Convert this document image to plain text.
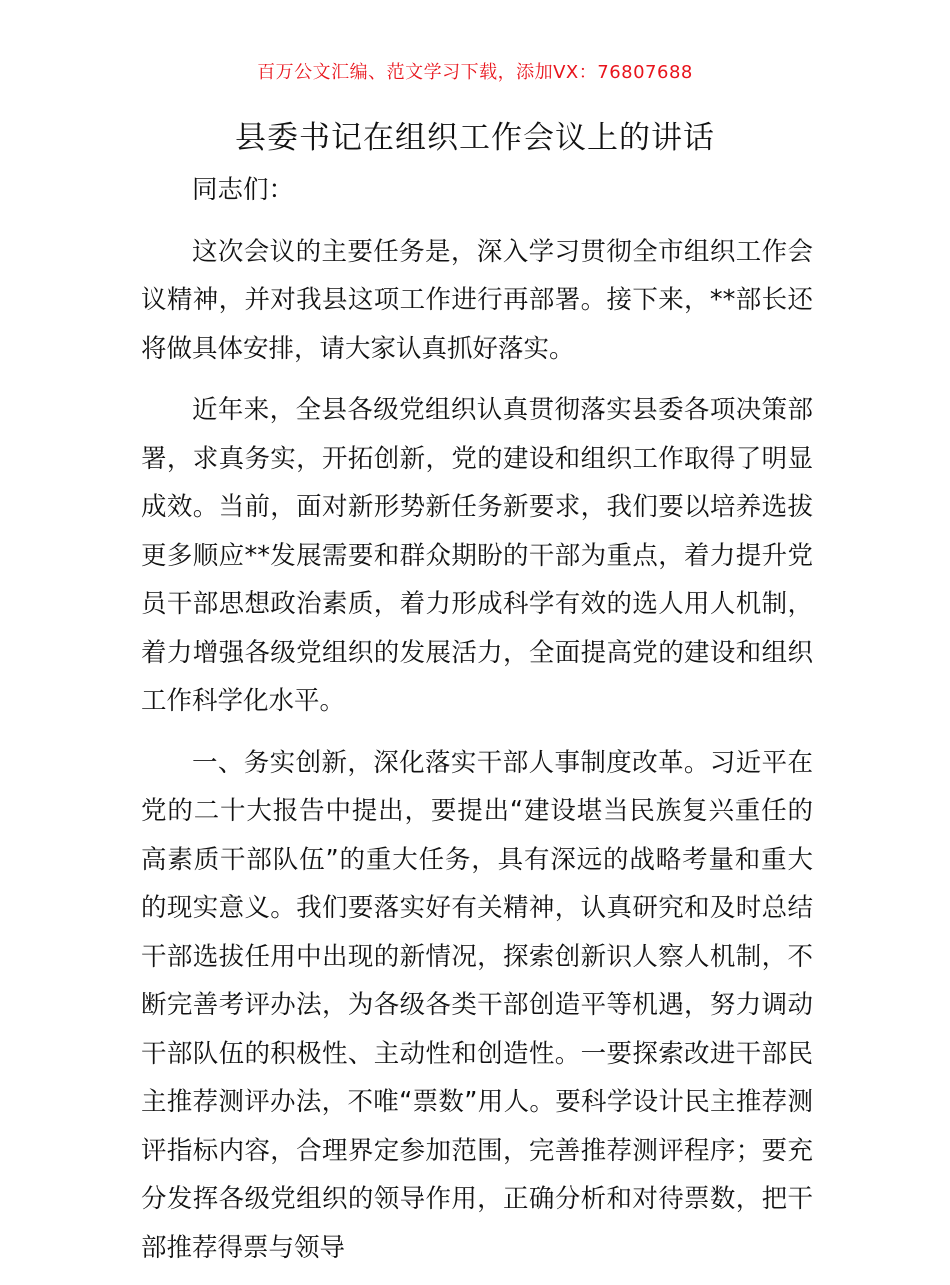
百万公文汇编、范文学习下载，添加VX：76807688
县委书记在组织工作会议上的讲话

同志们：

这次会议的主要任务是，深入学习贯彻全市组织工作会议精神，并对我县这项工作进行再部署。接下来，**部长还将做具体安排，请大家认真抓好落实。

近年来，全县各级党组织认真贯彻落实县委各项决策部署，求真务实，开拓创新，党的建设和组织工作取得了明显成效。当前，面对新形势新任务新要求，我们要以培养选拔更多顺应**发展需要和群众期盼的干部为重点，着力提升党员干部思想政治素质，着力形成科学有效的选人用人机制，着力增强各级党组织的发展活力，全面提高党的建设和组织工作科学化水平。

一、务实创新，深化落实干部人事制度改革。习近平在党的二十大报告中提出，要提出“建设堪当民族复兴重任的高素质干部队伍”的重大任务，具有深远的战略考量和重大的现实意义。我们要落实好有关精神，认真研究和及时总结干部选拔任用中出现的新情况，探索创新识人察人机制，不断完善考评办法，为各级各类干部创造平等机遇，努力调动干部队伍的积极性、主动性和创造性。一要探索改进干部民主推荐测评办法，不唯“票数”用人。要科学设计民主推荐测评指标内容，合理界定参加范围，完善推荐测评程序；要充分发挥各级党组织的领导作用，正确分析和对待票数，把干部推荐得票与领导
